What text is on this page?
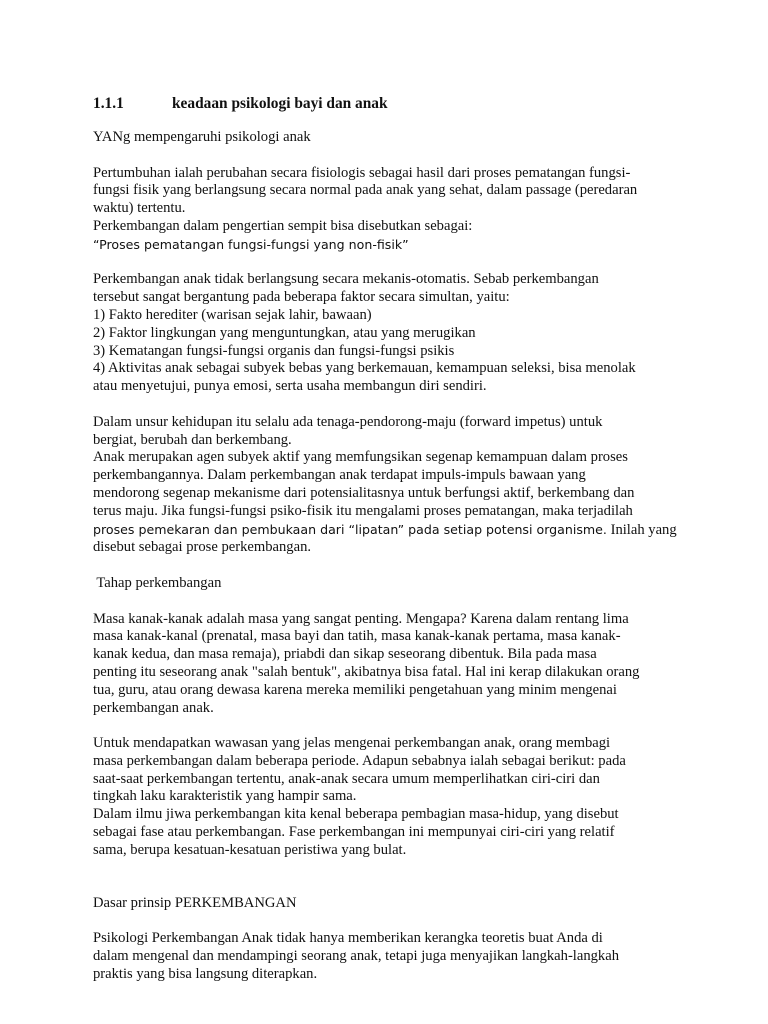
1.1.1	keadaan psikologi bayi dan anak

YANg mempengaruhi psikologi anak

Pertumbuhan ialah perubahan secara fisiologis sebagai hasil dari proses pematangan fungsi-
fungsi fisik yang berlangsung secara normal pada anak yang sehat, dalam passage (peredaran
waktu) tertentu.
Perkembangan dalam pengertian sempit bisa disebutkan sebagai:
“Proses pematangan fungsi-fungsi yang non-fisik”

Perkembangan anak tidak berlangsung secara mekanis-otomatis. Sebab perkembangan
tersebut sangat bergantung pada beberapa faktor secara simultan, yaitu:
1) Fakto herediter (warisan sejak lahir, bawaan)
2) Faktor lingkungan yang menguntungkan, atau yang merugikan
3) Kematangan fungsi-fungsi organis dan fungsi-fungsi psikis
4) Aktivitas anak sebagai subyek bebas yang berkemauan, kemampuan seleksi, bisa menolak
atau menyetujui, punya emosi, serta usaha membangun diri sendiri.

Dalam unsur kehidupan itu selalu ada tenaga-pendorong-maju (forward impetus) untuk
bergiat, berubah dan berkembang.
Anak merupakan agen subyek aktif yang memfungsikan segenap kemampuan dalam proses
perkembangannya. Dalam perkembangan anak terdapat impuls-impuls bawaan yang
mendorong segenap mekanisme dari potensialitasnya untuk berfungsi aktif, berkembang dan
terus maju. Jika fungsi-fungsi psiko-fisik itu mengalami proses pematangan, maka terjadilah
proses pemekaran dan pembukaan dari “lipatan” pada setiap potensi organisme. Inilah yang
disebut sebagai prose perkembangan.

Tahap perkembangan

Masa kanak-kanak adalah masa yang sangat penting. Mengapa? Karena dalam rentang lima
masa kanak-kanal (prenatal, masa bayi dan tatih, masa kanak-kanak pertama, masa kanak-
kanak kedua, dan masa remaja), priabdi dan sikap seseorang dibentuk. Bila pada masa
penting itu seseorang anak "salah bentuk", akibatnya bisa fatal. Hal ini kerap dilakukan orang
tua, guru, atau orang dewasa karena mereka memiliki pengetahuan yang minim mengenai
perkembangan anak.

Untuk mendapatkan wawasan yang jelas mengenai perkembangan anak, orang membagi
masa perkembangan dalam beberapa periode. Adapun sebabnya ialah sebagai berikut: pada
saat-saat perkembangan tertentu, anak-anak secara umum memperlihatkan ciri-ciri dan
tingkah laku karakteristik yang hampir sama.
Dalam ilmu jiwa perkembangan kita kenal beberapa pembagian masa-hidup, yang disebut
sebagai fase atau perkembangan. Fase perkembangan ini mempunyai ciri-ciri yang relatif
sama, berupa kesatuan-kesatuan peristiwa yang bulat.

Dasar prinsip PERKEMBANGAN

Psikologi Perkembangan Anak tidak hanya memberikan kerangka teoretis buat Anda di
dalam mengenal dan mendampingi seorang anak, tetapi juga menyajikan langkah-langkah
praktis yang bisa langsung diterapkan.
